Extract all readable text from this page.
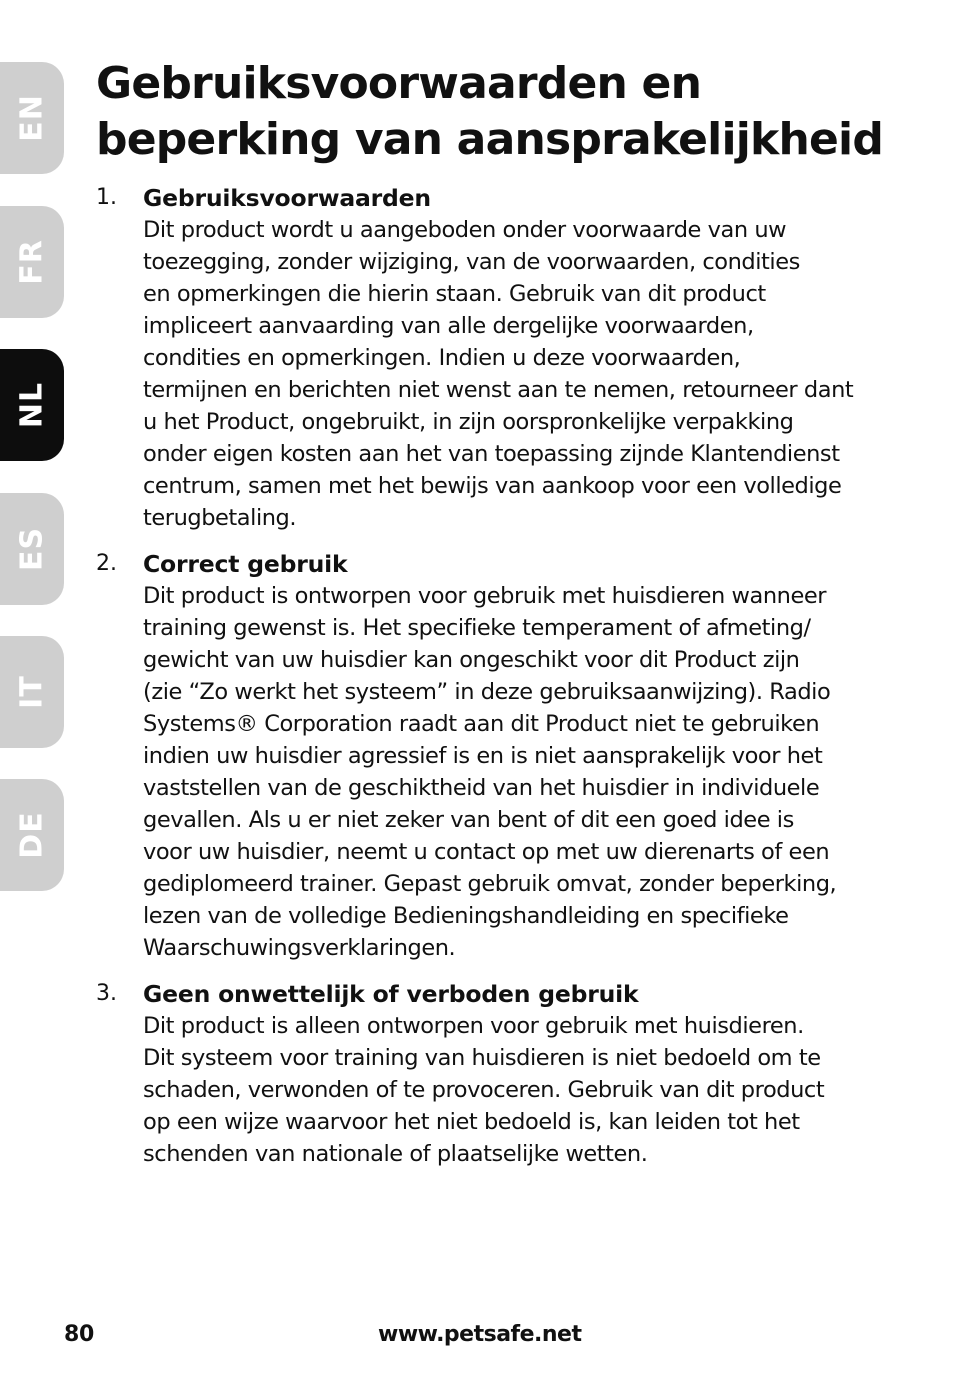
EN
FR
NL
ES
IT
DE
Gebruiksvoorwaarden en beperking van aansprakelijkheid
1. Gebruiksvoorwaarden
Dit product wordt u aangeboden onder voorwaarde van uw
toezegging, zonder wijziging, van de voorwaarden, condities
en opmerkingen die hierin staan. Gebruik van dit product
impliceert aanvaarding van alle dergelijke voorwaarden,
condities en opmerkingen. Indien u deze voorwaarden,
termijnen en berichten niet wenst aan te nemen, retourneer dant
u het Product, ongebruikt, in zijn oorspronkelijke verpakking
onder eigen kosten aan het van toepassing zijnde Klantendienst
centrum, samen met het bewijs van aankoop voor een volledige
terugbetaling.
2. Correct gebruik
Dit product is ontworpen voor gebruik met huisdieren wanneer
training gewenst is. Het specifieke temperament of afmeting/
gewicht van uw huisdier kan ongeschikt voor dit Product zijn
(zie “Zo werkt het systeem” in deze gebruiksaanwijzing). Radio
Systems® Corporation raadt aan dit Product niet te gebruiken
indien uw huisdier agressief is en is niet aansprakelijk voor het
vaststellen van de geschiktheid van het huisdier in individuele
gevallen. Als u er niet zeker van bent of dit een goed idee is
voor uw huisdier, neemt u contact op met uw dierenarts of een
gediplomeerd trainer. Gepast gebruik omvat, zonder beperking,
lezen van de volledige Bedieningshandleiding en specifieke
Waarschuwingsverklaringen.
3. Geen onwettelijk of verboden gebruik
Dit product is alleen ontworpen voor gebruik met huisdieren.
Dit systeem voor training van huisdieren is niet bedoeld om te
schaden, verwonden of te provoceren. Gebruik van dit product
op een wijze waarvoor het niet bedoeld is, kan leiden tot het
schenden van nationale of plaatselijke wetten.
80	www.petsafe.net
